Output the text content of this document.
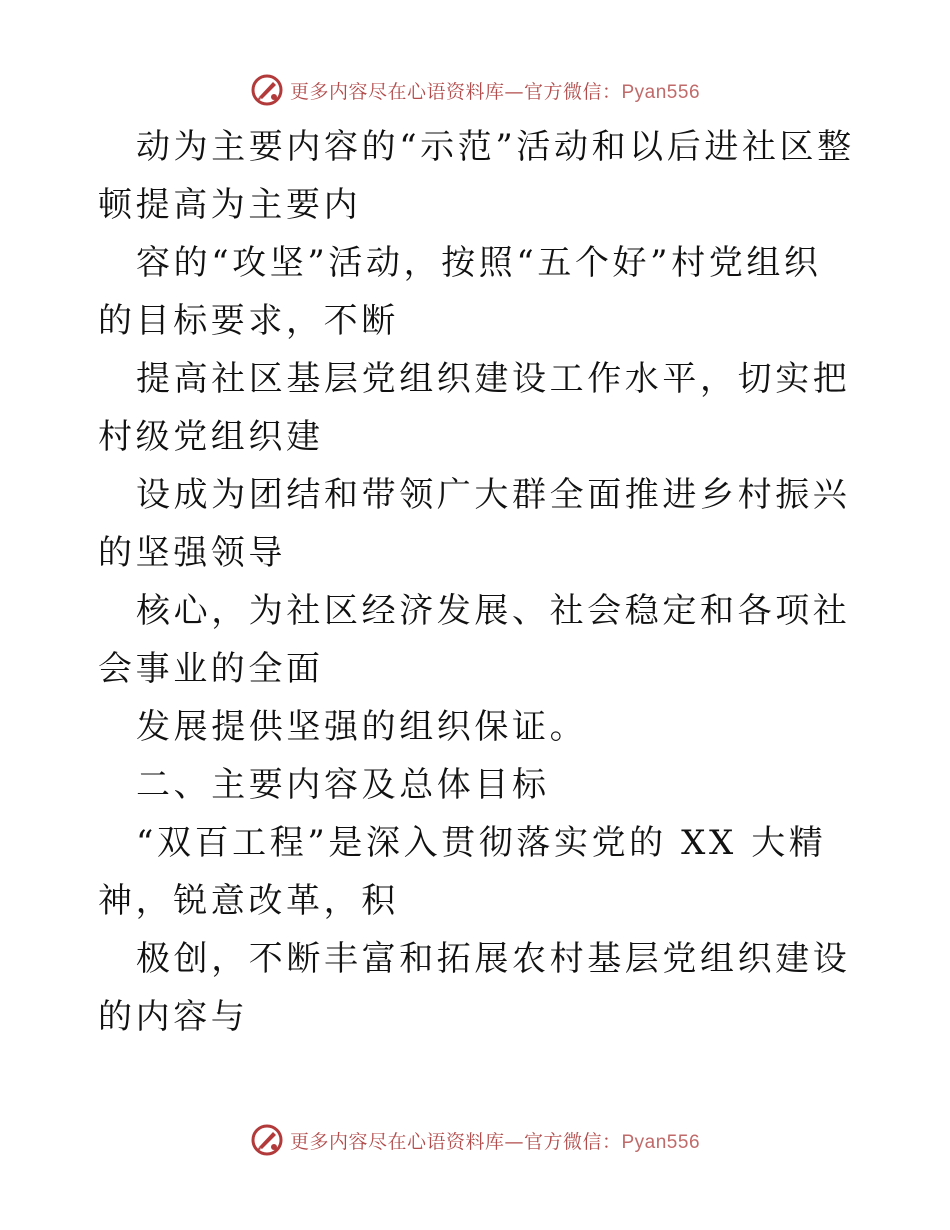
更多内容尽在心语资料库—官方微信：Pyan556

动为主要内容的“示范”活动和以后进社区整顿提高为主要内

容的“攻坚”活动，按照“五个好”村党组织的目标要求，不断

提高社区基层党组织建设工作水平，切实把村级党组织建

设成为团结和带领广大群全面推进乡村振兴的坚强领导

核心，为社区经济发展、社会稳定和各项社会事业的全面

发展提供坚强的组织保证。

二、主要内容及总体目标

“双百工程”是深入贯彻落实党的 XX 大精神，锐意改革，积

极创，不断丰富和拓展农村基层党组织建设的内容与

更多内容尽在心语资料库—官方微信：Pyan556
